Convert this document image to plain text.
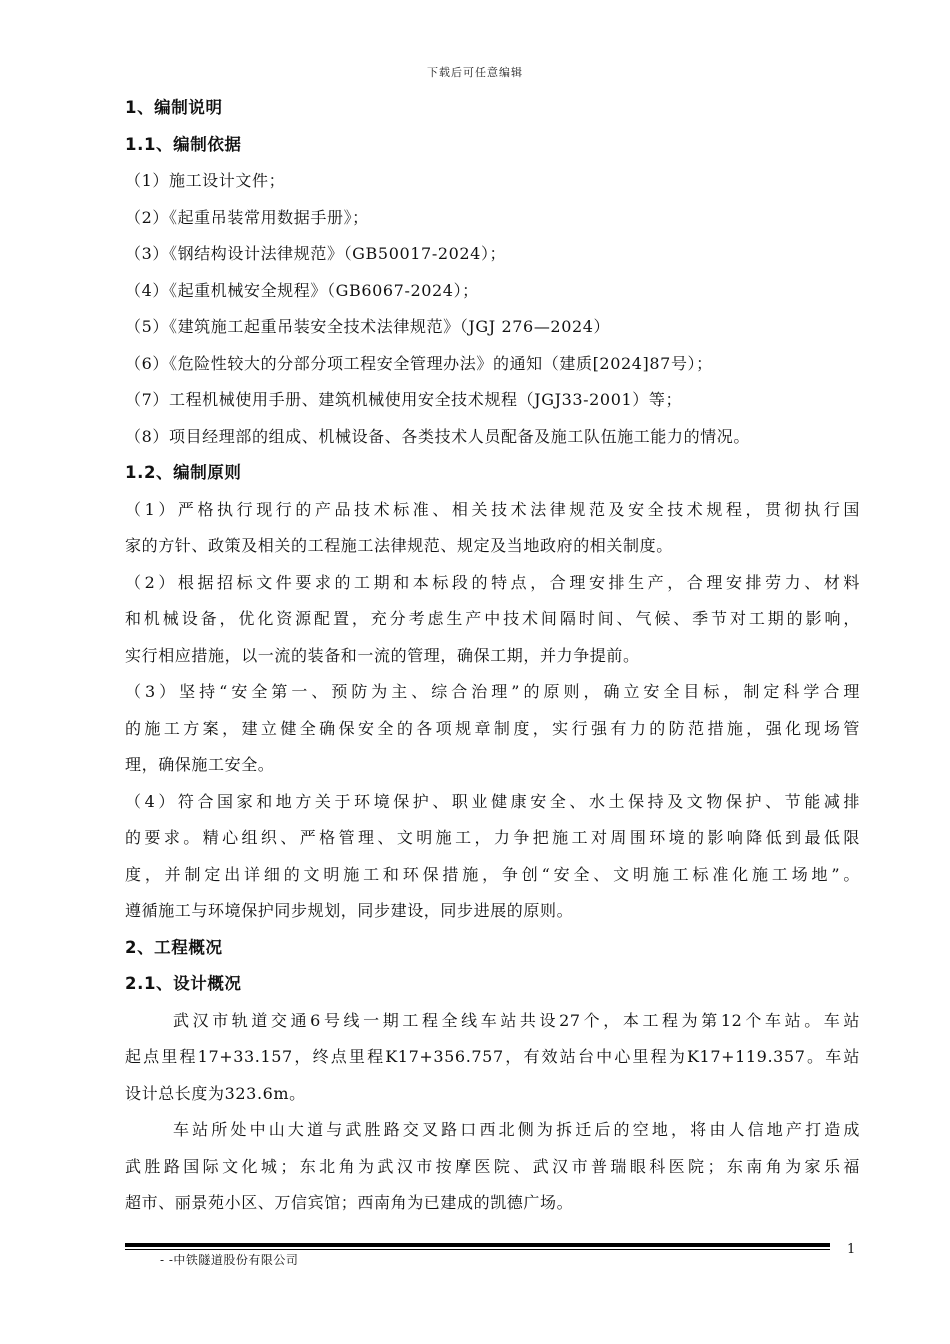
下载后可任意编辑
1、编制说明
1.1、编制依据
（1）施工设计文件；
（2）《起重吊装常用数据手册》；
（3）《钢结构设计法律规范》（GB50017-2024）；
（4）《起重机械安全规程》（GB6067-2024）；
（5）《建筑施工起重吊装安全技术法律规范》（JGJ 276—2024）
（6）《危险性较大的分部分项工程安全管理办法》的通知（建质[2024]87号）；
（7）工程机械使用手册、建筑机械使用安全技术规程（JGJ33-2001）等；
（8）项目经理部的组成、机械设备、各类技术人员配备及施工队伍施工能力的情况。
1.2、编制原则
（1）严格执行现行的产品技术标准、相关技术法律规范及安全技术规程，贯彻执行国
家的方针、政策及相关的工程施工法律规范、规定及当地政府的相关制度。
（2）根据招标文件要求的工期和本标段的特点，合理安排生产，合理安排劳力、材料
和机械设备，优化资源配置，充分考虑生产中技术间隔时间、气候、季节对工期的影响，
实行相应措施，以一流的装备和一流的管理，确保工期，并力争提前。
（3）坚持“安全第一、预防为主、综合治理”的原则，确立安全目标，制定科学合理
的施工方案，建立健全确保安全的各项规章制度，实行强有力的防范措施，强化现场管
理，确保施工安全。
（4）符合国家和地方关于环境保护、职业健康安全、水土保持及文物保护、节能减排
的要求。精心组织、严格管理、文明施工，力争把施工对周围环境的影响降低到最低限
度，并制定出详细的文明施工和环保措施，争创“安全、文明施工标准化施工场地”。
遵循施工与环境保护同步规划，同步建设，同步进展的原则。
2、工程概况
2.1、设计概况
武汉市轨道交通6号线一期工程全线车站共设27个，本工程为第12个车站。车站
起点里程17+33.157，终点里程K17+356.757，有效站台中心里程为K17+119.357。车站
设计总长度为323.6m。
车站所处中山大道与武胜路交叉路口西北侧为拆迁后的空地，将由人信地产打造成
武胜路国际文化城；东北角为武汉市按摩医院、武汉市普瑞眼科医院；东南角为家乐福
超市、丽景苑小区、万信宾馆；西南角为已建成的凯德广场。
1
- -中铁隧道股份有限公司
